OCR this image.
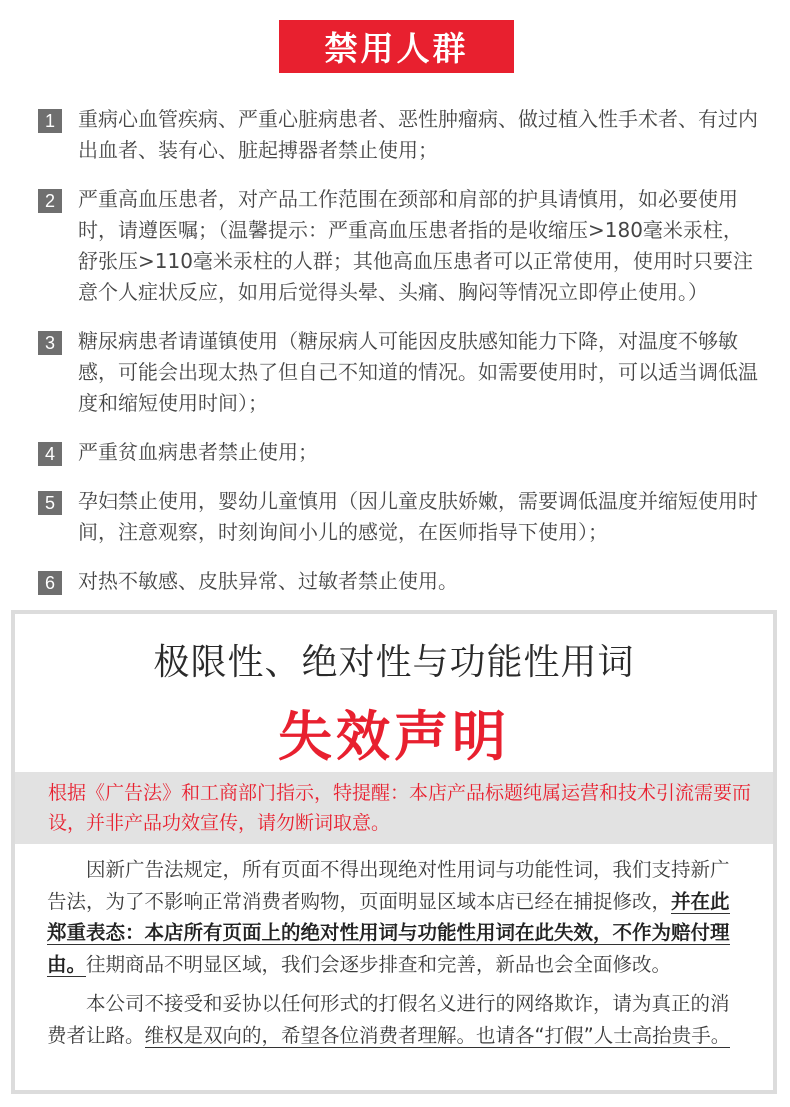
禁用人群
1	重病心血管疾病、严重心脏病患者、恶性肿瘤病、做过植入性手术者、有过内出血者、装有心、脏起搏器者禁止使用；
2	严重高血压患者，对产品工作范围在颈部和肩部的护具请慎用，如必要使用时，请遵医嘱；（温馨提示：严重高血压患者指的是收缩压>180毫米汞柱，舒张压>110毫米汞柱的人群；其他高血压患者可以正常使用，使用时只要注意个人症状反应，如用后觉得头晕、头痛、胸闷等情况立即停止使用。）
3	糖尿病患者请谨镇使用（糖尿病人可能因皮肤感知能力下降，对温度不够敏感，可能会出现太热了但自己不知道的情况。如需要使用时，可以适当调低温度和缩短使用时间）；
4	严重贫血病患者禁止使用；
5	孕妇禁止使用，婴幼儿童慎用（因儿童皮肤娇嫩，需要调低温度并缩短使用时间，注意观察，时刻询间小儿的感觉，在医师指导下使用）；
6	对热不敏感、皮肤异常、过敏者禁止使用。
极限性、绝对性与功能性用词
失效声明
根据《广告法》和工商部门指示，特提醒：本店产品标题纯属运营和技术引流需要而设，并非产品功效宣传，请勿断词取意。
因新广告法规定，所有页面不得出现绝对性用词与功能性词，我们支持新广告法，为了不影响正常消费者购物，页面明显区域本店已经在捕捉修改，并在此郑重表态：本店所有页面上的绝对性用词与功能性用词在此失效，不作为赔付理由。往期商品不明显区域，我们会逐步排查和完善，新品也会全面修改。
本公司不接受和妥协以任何形式的打假名义进行的网络欺诈，请为真正的消费者让路。维权是双向的，希望各位消费者理解。也请各“打假”人士高抬贵手。
